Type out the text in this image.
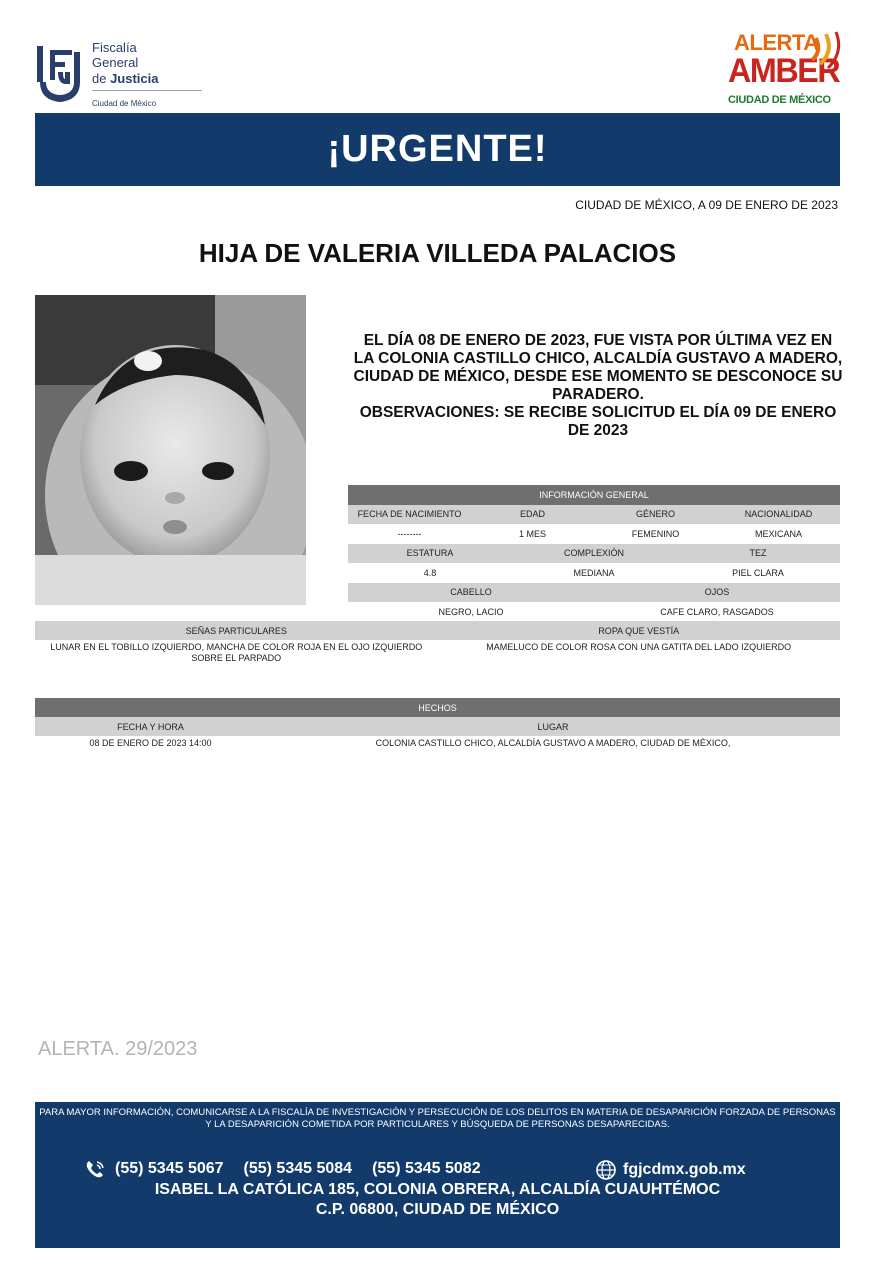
Fiscalía
General
de Justicia
Ciudad de México
ALERTA
AMBER
CIUDAD DE MÉXICO
¡URGENTE!
CIUDAD DE MÉXICO, A 09 DE ENERO DE 2023
HIJA DE VALERIA VILLEDA PALACIOS
EL DÍA 08 DE ENERO DE 2023, FUE VISTA POR ÚLTIMA VEZ EN LA COLONIA CASTILLO CHICO, ALCALDÍA GUSTAVO A MADERO, CIUDAD DE MÉXICO, DESDE ESE MOMENTO SE DESCONOCE SU PARADERO.
OBSERVACIONES: SE RECIBE SOLICITUD EL DÍA 09 DE ENERO DE 2023
INFORMACIÓN GENERAL
FECHA DE NACIMIENTO	EDAD	GÉNERO	NACIONALIDAD
--------	1 MES	FEMENINO	MEXICANA
ESTATURA	COMPLEXIÓN	TEZ
4.8	MEDIANA	PIEL CLARA
CABELLO	OJOS
NEGRO, LACIO	CAFE CLARO, RASGADOS
SEÑAS PARTICULARES	ROPA QUE VESTÍA
LUNAR EN EL TOBILLO IZQUIERDO, MANCHA DE COLOR ROJA EN EL OJO IZQUIERDO SOBRE EL PARPADO
MAMELUCO DE COLOR ROSA CON UNA GATITA DEL LADO IZQUIERDO
HECHOS
FECHA Y HORA	LUGAR
08 DE ENERO DE 2023 14:00	COLONIA CASTILLO CHICO, ALCALDÍA GUSTAVO A MADERO, CIUDAD DE MÉXICO,
ALERTA. 29/2023
PARA MAYOR INFORMACIÓN, COMUNICARSE A LA FISCALÍA DE INVESTIGACIÓN Y PERSECUCIÓN DE LOS DELITOS EN MATERIA DE DESAPARICIÓN FORZADA DE PERSONAS Y LA DESAPARICIÓN COMETIDA POR PARTICULARES Y BÚSQUEDA DE PERSONAS DESAPARECIDAS.
(55) 5345 5067 (55) 5345 5084 (55) 5345 5082	fgjcdmx.gob.mx
ISABEL LA CATÓLICA 185, COLONIA OBRERA, ALCALDÍA CUAUHTÉMOC
C.P. 06800, CIUDAD DE MÉXICO
